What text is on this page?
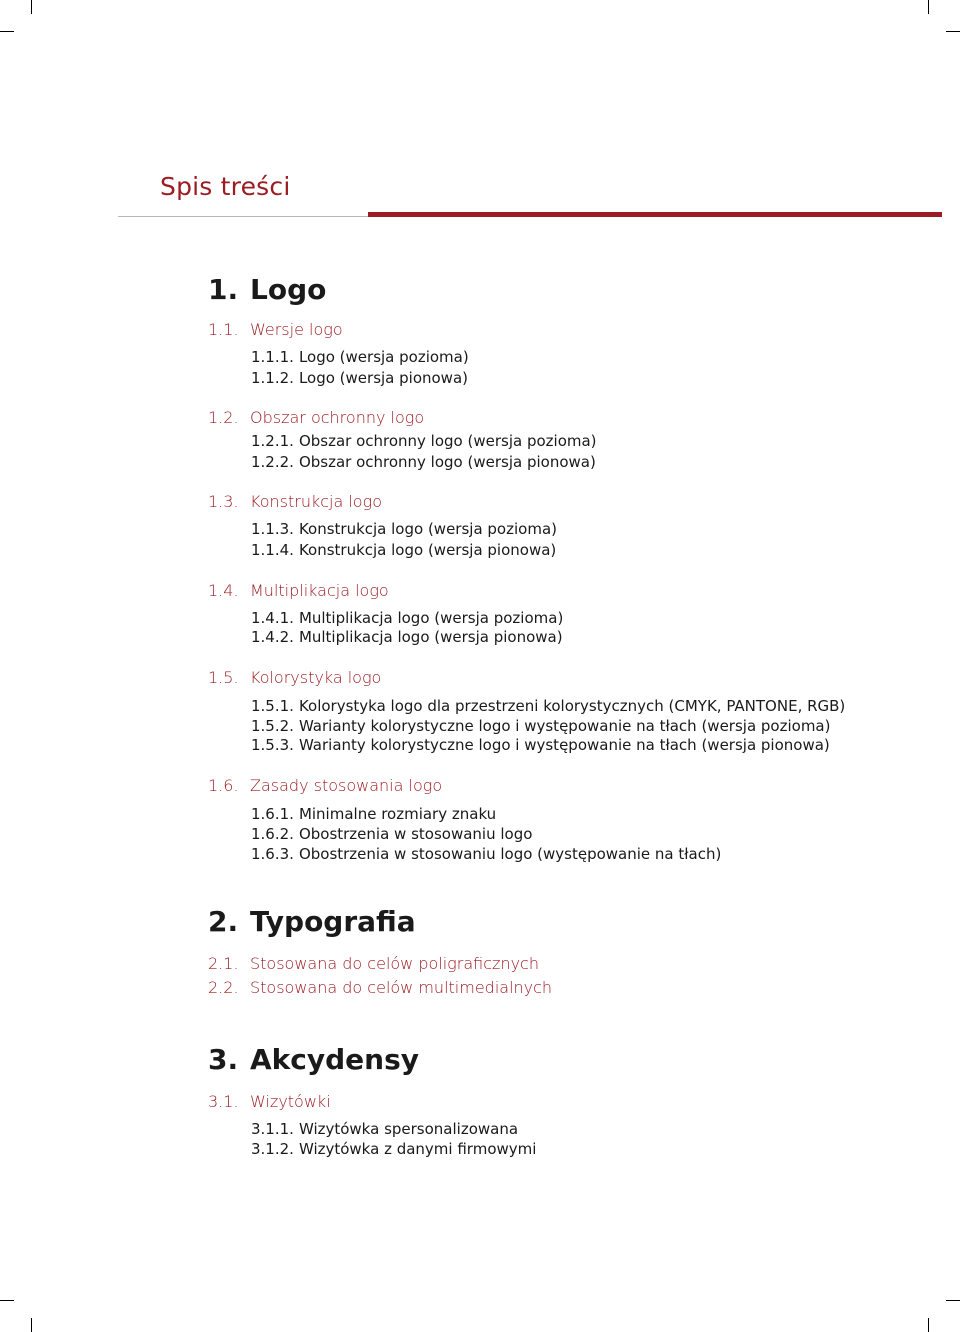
Spis treści
1. Logo
1.1. Wersje logo
1.1.1. Logo (wersja pozioma)
1.1.2. Logo (wersja pionowa)
1.2. Obszar ochronny logo
1.2.1. Obszar ochronny logo (wersja pozioma)
1.2.2. Obszar ochronny logo (wersja pionowa)
1.3. Konstrukcja logo
1.1.3. Konstrukcja logo (wersja pozioma)
1.1.4. Konstrukcja logo (wersja pionowa)
1.4. Multiplikacja logo
1.4.1. Multiplikacja logo (wersja pozioma)
1.4.2. Multiplikacja logo (wersja pionowa)
1.5. Kolorystyka logo
1.5.1. Kolorystyka logo dla przestrzeni kolorystycznych (CMYK, PANTONE, RGB)
1.5.2. Warianty kolorystyczne logo i występowanie na tłach (wersja pozioma)
1.5.3. Warianty kolorystyczne logo i występowanie na tłach (wersja pionowa)
1.6. Zasady stosowania logo
1.6.1. Minimalne rozmiary znaku
1.6.2. Obostrzenia w stosowaniu logo
1.6.3. Obostrzenia w stosowaniu logo (występowanie na tłach)
2. Typografia
2.1. Stosowana do celów poligraficznych
2.2. Stosowana do celów multimedialnych
3. Akcydensy
3.1. Wizytówki
3.1.1. Wizytówka spersonalizowana
3.1.2. Wizytówka z danymi firmowymi
